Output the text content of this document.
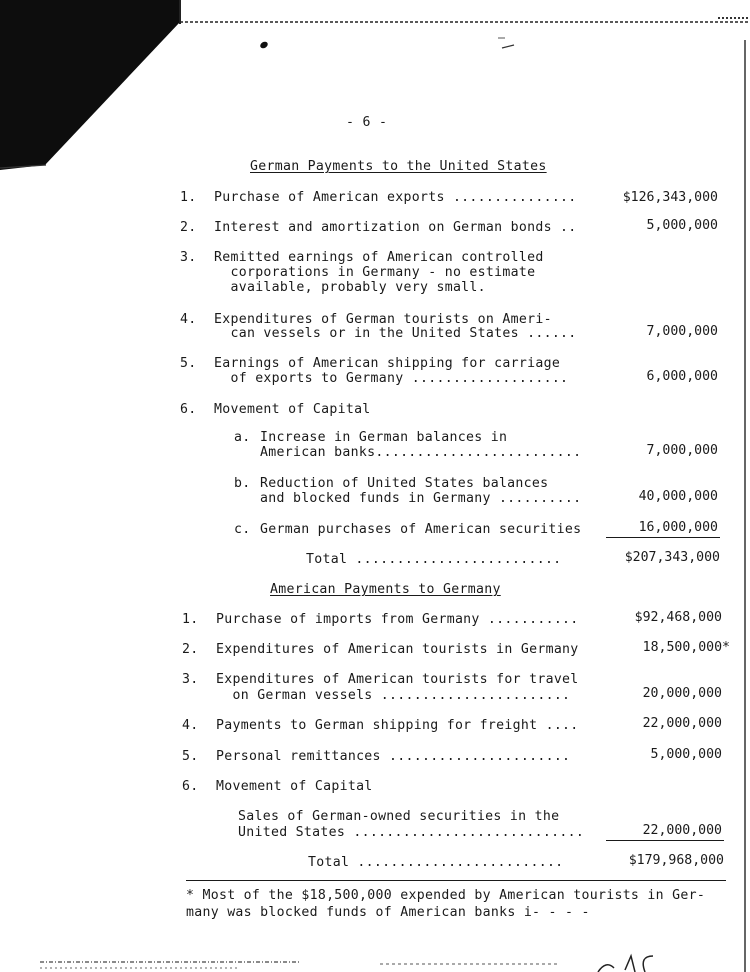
- 6 -
German Payments to the United States
1. Purchase of American exports ...............	$126,343,000
2. Interest and amortization on German bonds ..	5,000,000
3. Remitted earnings of American controlled
corporations in Germany - no estimate
available, probably very small.
4. Expenditures of German tourists on Ameri-
can vessels or in the United States ......	7,000,000
5. Earnings of American shipping for carriage
of exports to Germany ...................	6,000,000
6. Movement of Capital
a. Increase in German balances in
American banks.........................	7,000,000
b. Reduction of United States balances
and blocked funds in Germany ..........	40,000,000
c. German purchases of American securities	16,000,000
Total .........................	$207,343,000
American Payments to Germany
1. Purchase of imports from Germany ...........	$92,468,000
2. Expenditures of American tourists in Germany	18,500,000*
3. Expenditures of American tourists for travel
on German vessels .......................	20,000,000
4. Payments to German shipping for freight ....	22,000,000
5. Personal remittances ......................	5,000,000
6. Movement of Capital
Sales of German-owned securities in the
United States ............................	22,000,000
Total .........................	$179,968,000
* Most of the $18,500,000 expended by American tourists in Ger-
many was blocked funds of American banks i- - - -
